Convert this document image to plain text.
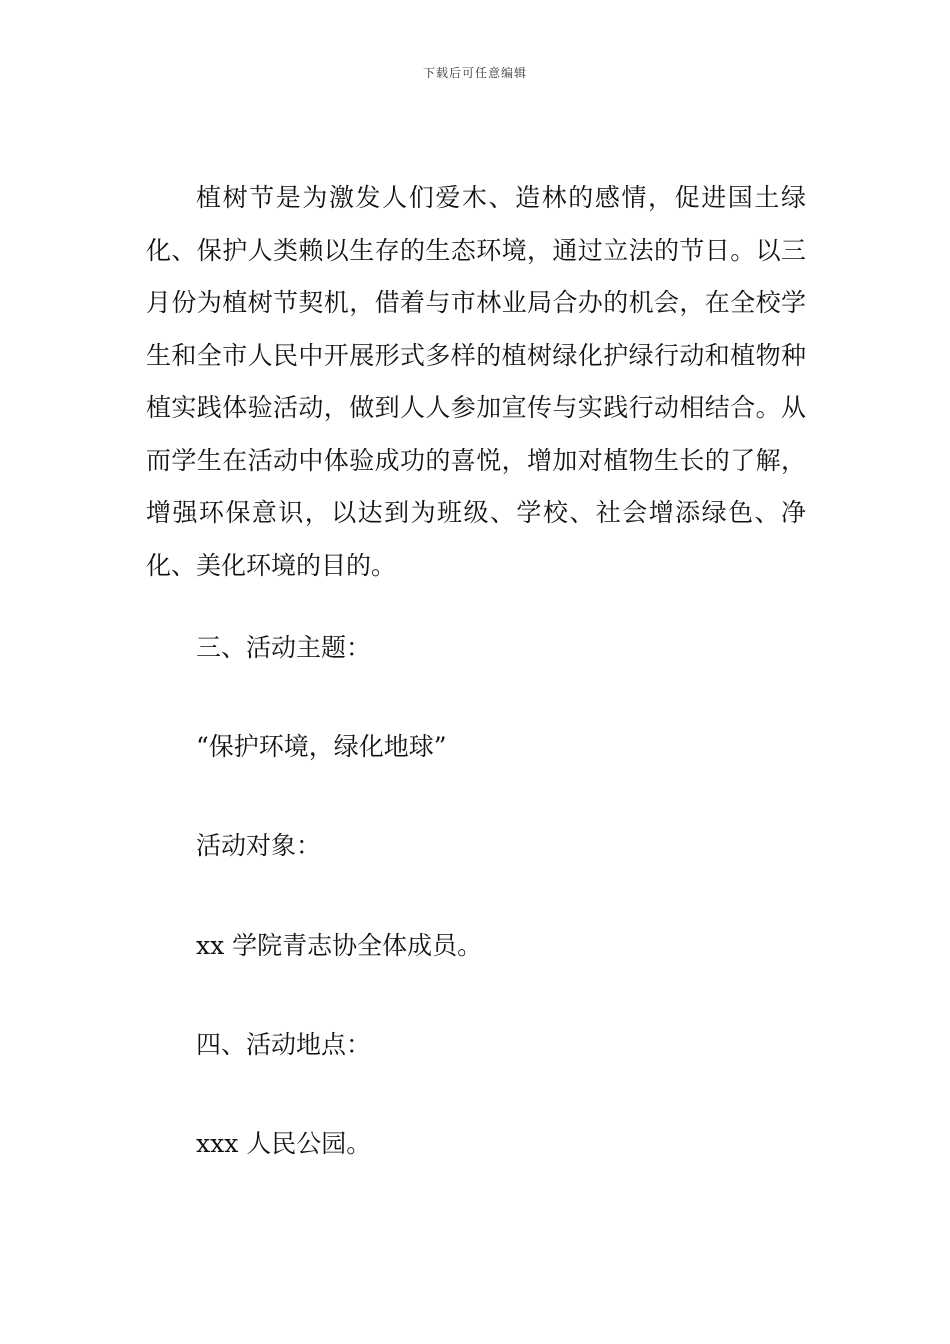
下载后可任意编辑

植树节是为激发人们爱木、造林的感情，促进国土绿化、保护人类赖以生存的生态环境，通过立法的节日。以三月份为植树节契机，借着与市林业局合办的机会，在全校学生和全市人民中开展形式多样的植树绿化护绿行动和植物种植实践体验活动，做到人人参加宣传与实践行动相结合。从而学生在活动中体验成功的喜悦，增加对植物生长的了解，增强环保意识，以达到为班级、学校、社会增添绿色、净化、美化环境的目的。

三、活动主题：

“保护环境，绿化地球”

活动对象：

xx 学院青志协全体成员。

四、活动地点：

xxx 人民公园。
